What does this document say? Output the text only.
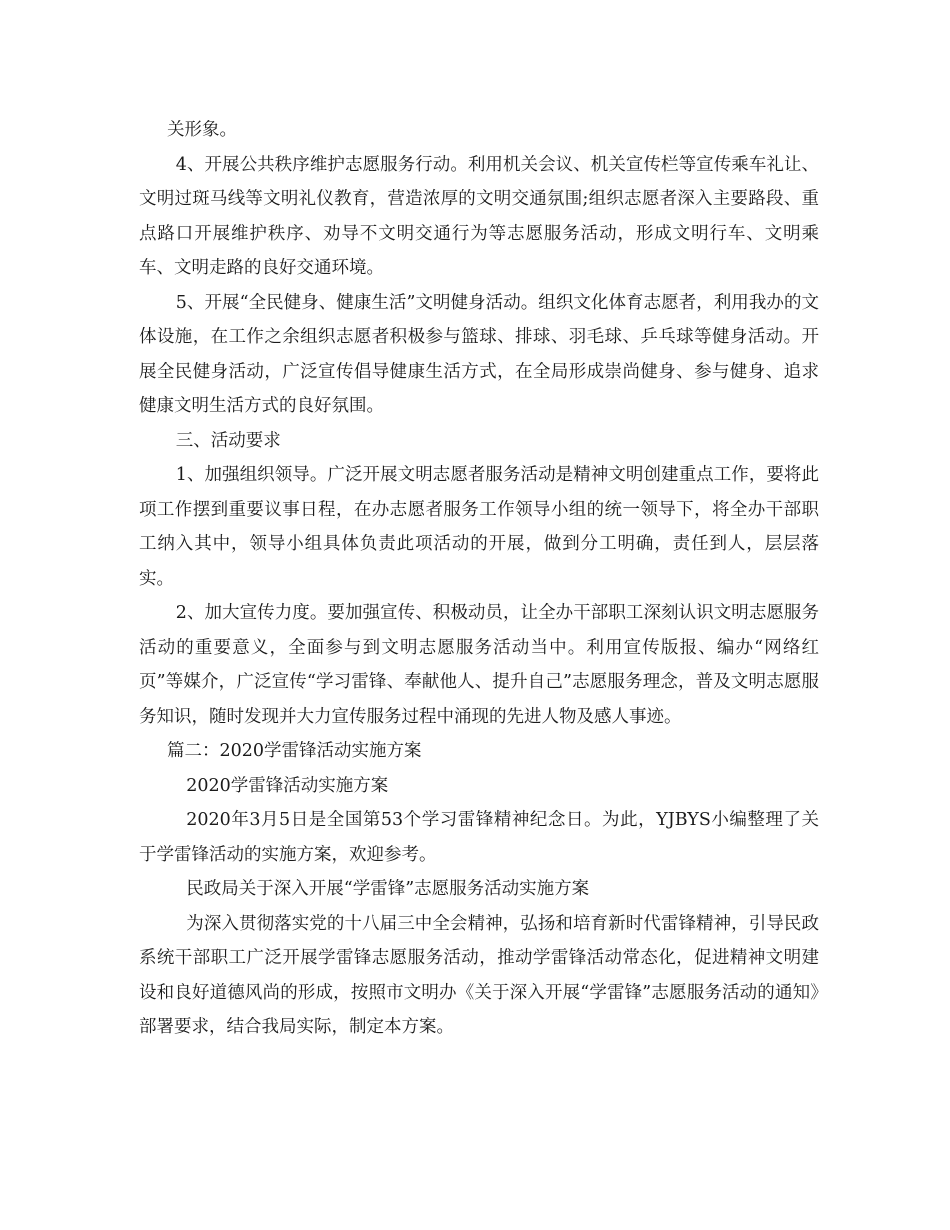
关形象。

4、开展公共秩序维护志愿服务行动。利用机关会议、机关宣传栏等宣传乘车礼让、文明过斑马线等文明礼仪教育，营造浓厚的文明交通氛围;组织志愿者深入主要路段、重点路口开展维护秩序、劝导不文明交通行为等志愿服务活动，形成文明行车、文明乘车、文明走路的良好交通环境。

5、开展“全民健身、健康生活”文明健身活动。组织文化体育志愿者，利用我办的文体设施，在工作之余组织志愿者积极参与篮球、排球、羽毛球、乒乓球等健身活动。开展全民健身活动，广泛宣传倡导健康生活方式，在全局形成崇尚健身、参与健身、追求健康文明生活方式的良好氛围。

三、活动要求

1、加强组织领导。广泛开展文明志愿者服务活动是精神文明创建重点工作，要将此项工作摆到重要议事日程，在办志愿者服务工作领导小组的统一领导下，将全办干部职工纳入其中，领导小组具体负责此项活动的开展，做到分工明确，责任到人，层层落实。

2、加大宣传力度。要加强宣传、积极动员，让全办干部职工深刻认识文明志愿服务活动的重要意义，全面参与到文明志愿服务活动当中。利用宣传版报、编办“网络红页”等媒介，广泛宣传“学习雷锋、奉献他人、提升自己”志愿服务理念，普及文明志愿服务知识，随时发现并大力宣传服务过程中涌现的先进人物及感人事迹。

篇二：2020学雷锋活动实施方案

2020学雷锋活动实施方案

2020年3月5日是全国第53个学习雷锋精神纪念日。为此，YJBYS小编整理了关于学雷锋活动的实施方案，欢迎参考。

民政局关于深入开展“学雷锋”志愿服务活动实施方案

为深入贯彻落实党的十八届三中全会精神，弘扬和培育新时代雷锋精神，引导民政系统干部职工广泛开展学雷锋志愿服务活动，推动学雷锋活动常态化，促进精神文明建设和良好道德风尚的形成，按照市文明办《关于深入开展“学雷锋”志愿服务活动的通知》部署要求，结合我局实际，制定本方案。
